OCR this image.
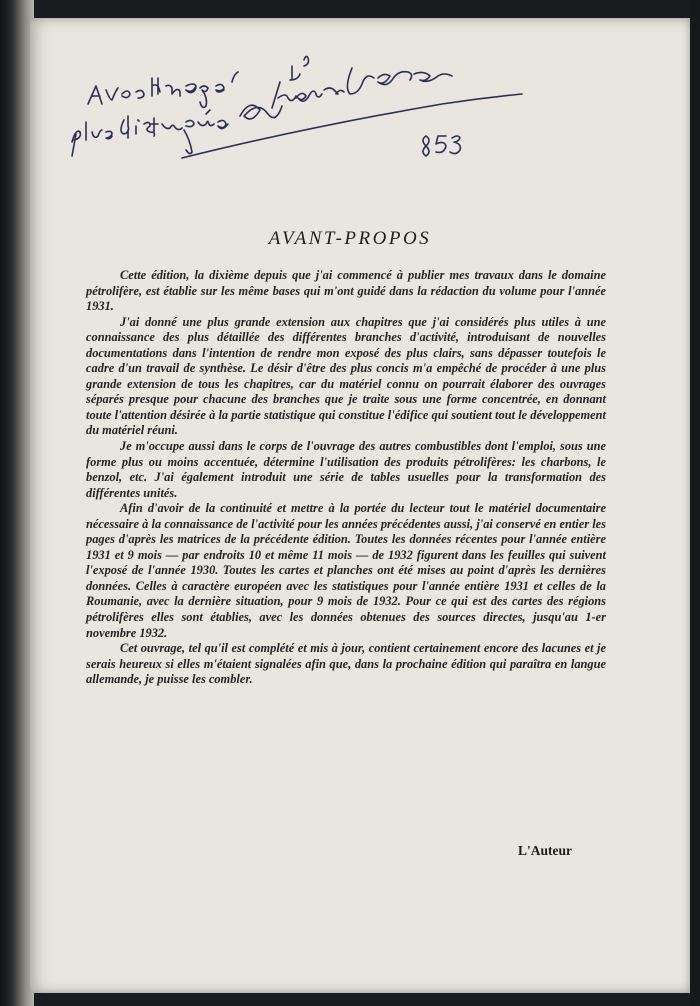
AVANT-PROPOS

Cette édition, la dixième depuis que j'ai commencé à publier mes travaux dans le domaine pétrolifère, est établie sur les même bases qui m'ont guidé dans la rédaction du volume pour l'année 1931.

J'ai donné une plus grande extension aux chapitres que j'ai considérés plus utiles à une connaissance des plus détaillée des différentes branches d'activité, introduisant de nouvelles documentations dans l'intention de rendre mon exposé des plus clairs, sans dépasser toutefois le cadre d'un travail de synthèse. Le désir d'être des plus concis m'a empêché de procéder à une plus grande extension de tous les chapitres, car du matériel connu on pourrait élaborer des ouvrages séparés presque pour chacune des branches que je traite sous une forme concentrée, en donnant toute l'attention désirée à la partie statistique qui constitue l'édifice qui soutient tout le développement du matériel réuni.

Je m'occupe aussi dans le corps de l'ouvrage des autres combustibles dont l'emploi, sous une forme plus ou moins accentuée, détermine l'utilisation des produits pétrolifères: les charbons, le benzol, etc. J'ai également introduit une série de tables usuelles pour la transformation des différentes unités.

Afin d'avoir de la continuité et mettre à la portée du lecteur tout le matériel documentaire nécessaire à la connaissance de l'activité pour les années précédentes aussi, j'ai conservé en entier les pages d'après les matrices de la précédente édition. Toutes les données récentes pour l'année entière 1931 et 9 mois — par endroits 10 et même 11 mois — de 1932 figurent dans les feuilles qui suivent l'exposé de l'année 1930. Toutes les cartes et planches ont été mises au point d'après les dernières données. Celles à caractère européen avec les statistiques pour l'année entière 1931 et celles de la Roumanie, avec la dernière situation, pour 9 mois de 1932. Pour ce qui est des cartes des régions pétrolifères elles sont établies, avec les données obtenues des sources directes, jusqu'au 1-er novembre 1932.

Cet ouvrage, tel qu'il est complété et mis à jour, contient certainement encore des lacunes et je serais heureux si elles m'étaient signalées afin que, dans la prochaine édition qui paraîtra en langue allemande, je puisse les combler.

L'Auteur
